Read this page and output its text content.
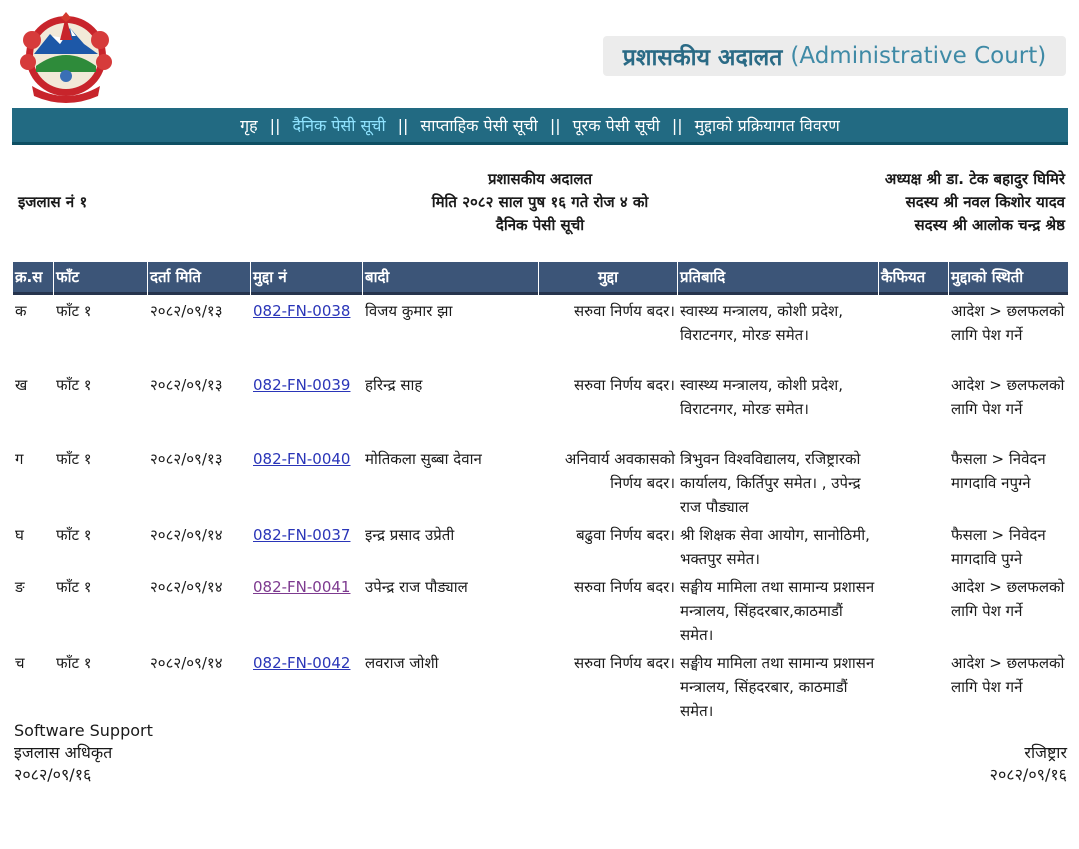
प्रशासकीय अदालत (Administrative Court)
गृह || दैनिक पेसी सूची || साप्ताहिक पेसी सूची || पूरक पेसी सूची || मुद्दाको प्रक्रियागत विवरण
इजलास नं १
प्रशासकीय अदालत
मिति २०८२ साल पुष १६ गते रोज ४ को
दैनिक पेसी सूची
अध्यक्ष श्री डा. टेक बहादुर घिमिरे
सदस्य श्री नवल किशोर यादव
सदस्य श्री आलोक चन्द्र श्रेष्ठ
क्र.स	फाँट	दर्ता मिति	मुद्दा नं	बादी	मुद्दा	प्रतिबादि	कैफियत	मुद्दाको स्थिती
क	फाँट १	२०८२/०९/१३	082-FN-0038	विजय कुमार झा	सरुवा निर्णय बदर।	स्वास्थ्य मन्त्रालय, कोशी प्रदेश, विराटनगर, मोरङ समेत।		आदेश > छलफलको लागि पेश गर्ने
ख	फाँट १	२०८२/०९/१३	082-FN-0039	हरिन्द्र साह	सरुवा निर्णय बदर।	स्वास्थ्य मन्त्रालय, कोशी प्रदेश, विराटनगर, मोरङ समेत।		आदेश > छलफलको लागि पेश गर्ने
ग	फाँट १	२०८२/०९/१३	082-FN-0040	मोतिकला सुब्बा देवान	अनिवार्य अवकासको निर्णय बदर।	त्रिभुवन विश्वविद्यालय, रजिष्ट्रारको कार्यालय, किर्तिपुर समेत। , उपेन्द्र राज पौड्याल		फैसला > निवेदन मागदावि नपुग्ने
घ	फाँट १	२०८२/०९/१४	082-FN-0037	इन्द्र प्रसाद उप्रेती	बढुवा निर्णय बदर।	श्री शिक्षक सेवा आयोग, सानोठिमी, भक्तपुर समेत।		फैसला > निवेदन मागदावि पुग्ने
ङ	फाँट १	२०८२/०९/१४	082-FN-0041	उपेन्द्र राज पौड्याल	सरुवा निर्णय बदर।	सङ्घीय मामिला तथा सामान्य प्रशासन मन्त्रालय, सिंहदरबार,काठमाडौं समेत।		आदेश > छलफलको लागि पेश गर्ने
च	फाँट १	२०८२/०९/१४	082-FN-0042	लवराज जोशी	सरुवा निर्णय बदर।	सङ्घीय मामिला तथा सामान्य प्रशासन मन्त्रालय, सिंहदरबार, काठमाडौं समेत।		आदेश > छलफलको लागि पेश गर्ने
Software Support
इजलास अधिकृत
२०८२/०९/१६
रजिष्ट्रार
२०८२/०९/१६
